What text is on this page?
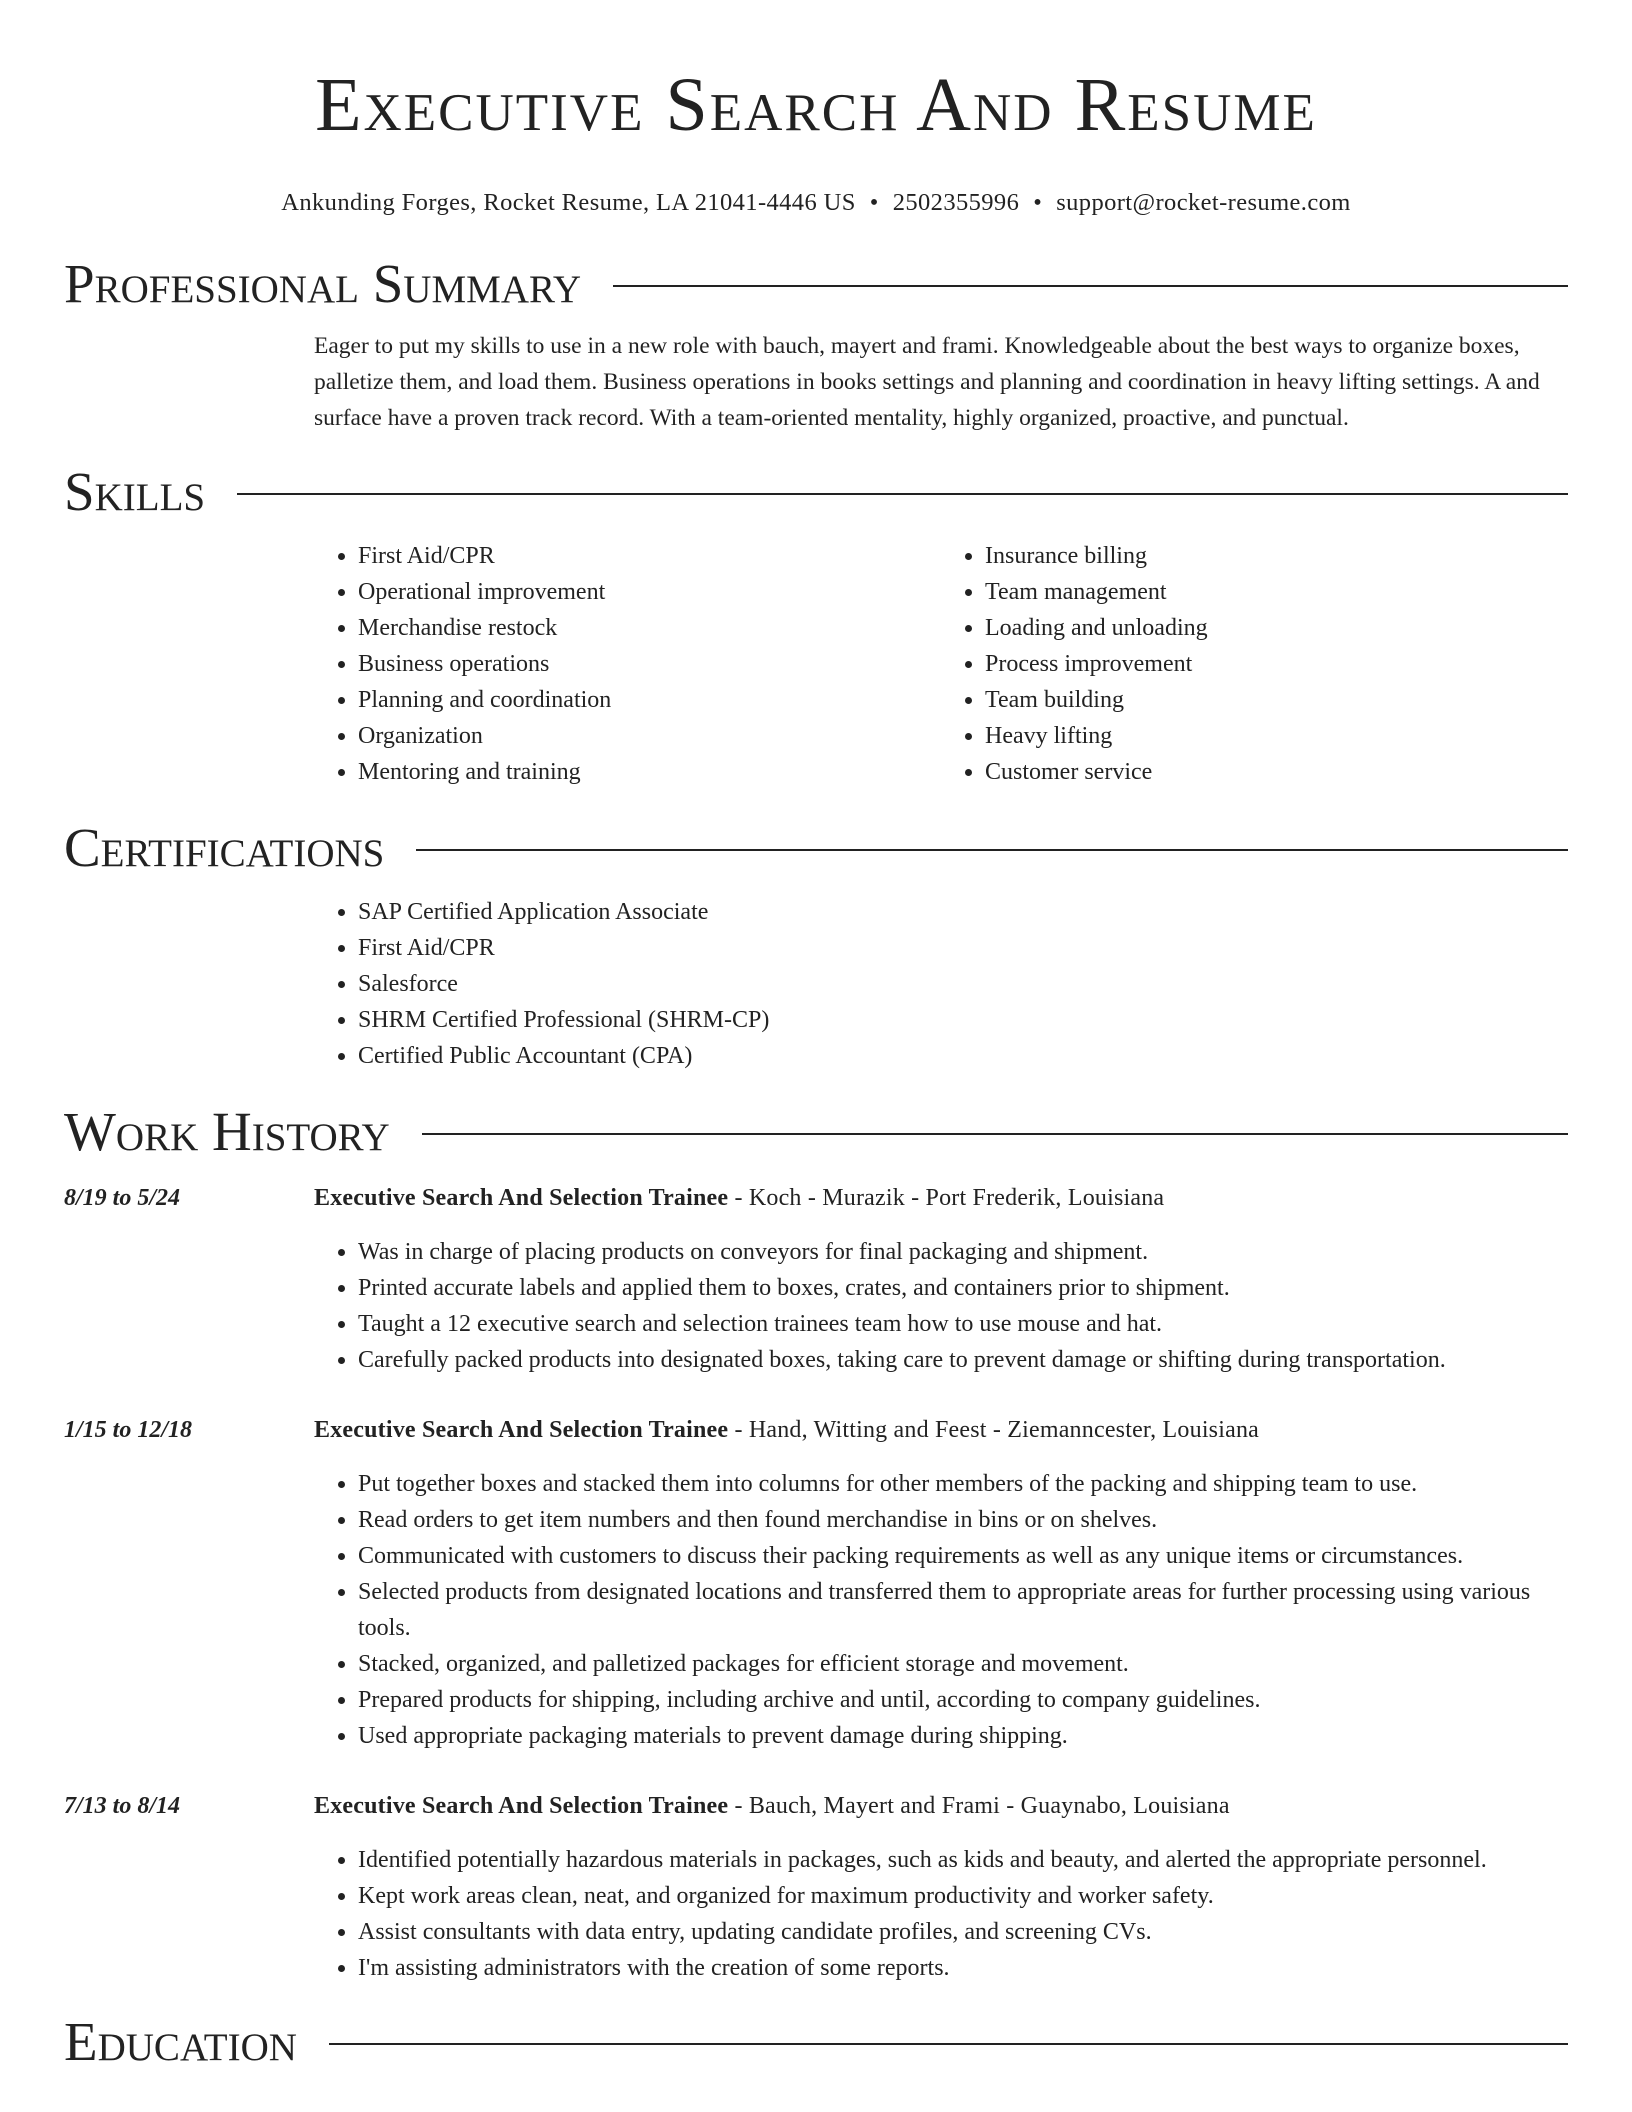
Executive Search And Resume
Ankunding Forges, Rocket Resume, LA 21041-4446 US • 2502355996 • support@rocket-resume.com
Professional Summary

Eager to put my skills to use in a new role with bauch, mayert and frami. Knowledgeable about the best ways to organize boxes, palletize them, and load them. Business operations in books settings and planning and coordination in heavy lifting settings. A and surface have a proven track record. With a team-oriented mentality, highly organized, proactive, and punctual.

Skills
• First Aid/CPR
• Operational improvement
• Merchandise restock
• Business operations
• Planning and coordination
• Organization
• Mentoring and training
• Insurance billing
• Team management
• Loading and unloading
• Process improvement
• Team building
• Heavy lifting
• Customer service
Certifications
• SAP Certified Application Associate
• First Aid/CPR
• Salesforce
• SHRM Certified Professional (SHRM-CP)
• Certified Public Accountant (CPA)
Work History
8/19 to 5/24	Executive Search And Selection Trainee - Koch - Murazik - Port Frederik, Louisiana
• Was in charge of placing products on conveyors for final packaging and shipment.
• Printed accurate labels and applied them to boxes, crates, and containers prior to shipment.
• Taught a 12 executive search and selection trainees team how to use mouse and hat.
• Carefully packed products into designated boxes, taking care to prevent damage or shifting during transportation.
1/15 to 12/18	Executive Search And Selection Trainee - Hand, Witting and Feest - Ziemanncester, Louisiana
• Put together boxes and stacked them into columns for other members of the packing and shipping team to use.
• Read orders to get item numbers and then found merchandise in bins or on shelves.
• Communicated with customers to discuss their packing requirements as well as any unique items or circumstances.
• Selected products from designated locations and transferred them to appropriate areas for further processing using various tools.
• Stacked, organized, and palletized packages for efficient storage and movement.
• Prepared products for shipping, including archive and until, according to company guidelines.
• Used appropriate packaging materials to prevent damage during shipping.
7/13 to 8/14	Executive Search And Selection Trainee - Bauch, Mayert and Frami - Guaynabo, Louisiana
• Identified potentially hazardous materials in packages, such as kids and beauty, and alerted the appropriate personnel.
• Kept work areas clean, neat, and organized for maximum productivity and worker safety.
• Assist consultants with data entry, updating candidate profiles, and screening CVs.
• I'm assisting administrators with the creation of some reports.
Education
